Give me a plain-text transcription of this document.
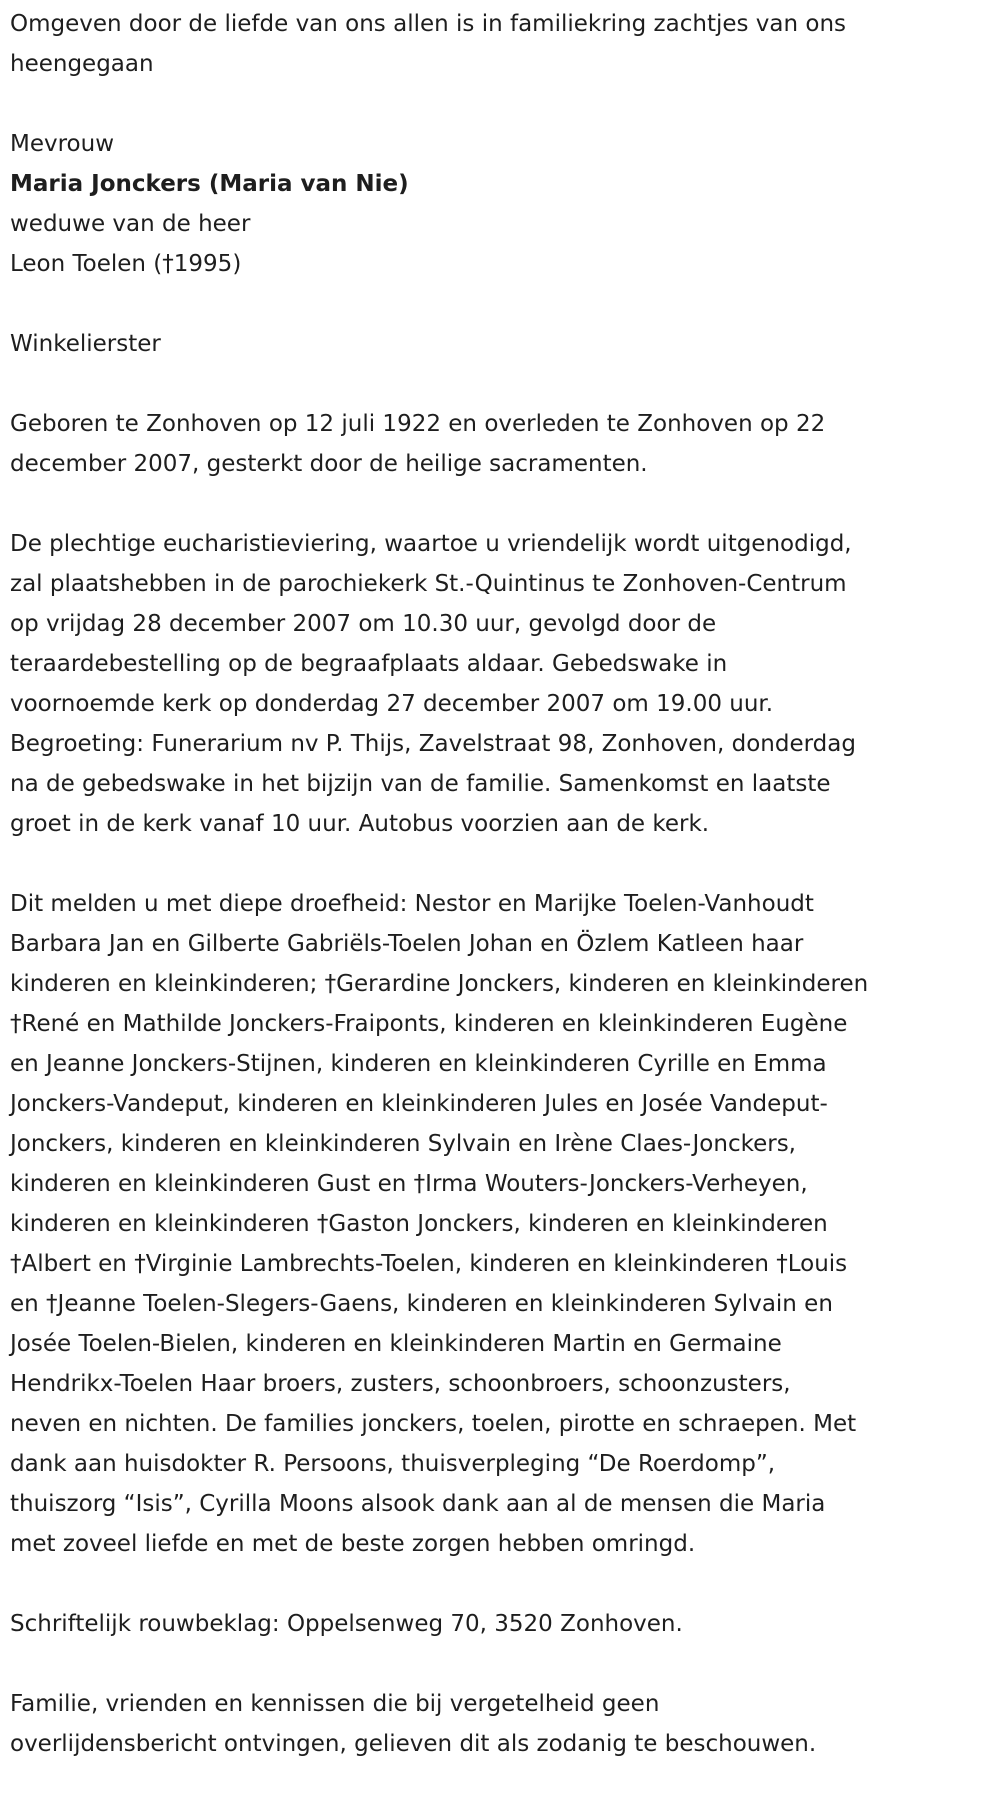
Omgeven door de liefde van ons allen is in familiekring zachtjes van ons
heengegaan
Mevrouw
Maria Jonckers (Maria van Nie)
weduwe van de heer
Leon Toelen (†1995)
Winkelierster
Geboren te Zonhoven op 12 juli 1922 en overleden te Zonhoven op 22
december 2007, gesterkt door de heilige sacramenten.
De plechtige eucharistieviering, waartoe u vriendelijk wordt uitgenodigd,
zal plaatshebben in de parochiekerk St.-Quintinus te Zonhoven-Centrum
op vrijdag 28 december 2007 om 10.30 uur, gevolgd door de
teraardebestelling op de begraafplaats aldaar. Gebedswake in
voornoemde kerk op donderdag 27 december 2007 om 19.00 uur.
Begroeting: Funerarium nv P. Thijs, Zavelstraat 98, Zonhoven, donderdag
na de gebedswake in het bijzijn van de familie. Samenkomst en laatste
groet in de kerk vanaf 10 uur. Autobus voorzien aan de kerk.
Dit melden u met diepe droefheid: Nestor en Marijke Toelen-Vanhoudt
Barbara Jan en Gilberte Gabriëls-Toelen Johan en Özlem Katleen haar
kinderen en kleinkinderen; †Gerardine Jonckers, kinderen en kleinkinderen
†René en Mathilde Jonckers-Fraiponts, kinderen en kleinkinderen Eugène
en Jeanne Jonckers-Stijnen, kinderen en kleinkinderen Cyrille en Emma
Jonckers-Vandeput, kinderen en kleinkinderen Jules en Josée Vandeput-
Jonckers, kinderen en kleinkinderen Sylvain en Irène Claes-Jonckers,
kinderen en kleinkinderen Gust en †Irma Wouters-Jonckers-Verheyen,
kinderen en kleinkinderen †Gaston Jonckers, kinderen en kleinkinderen
†Albert en †Virginie Lambrechts-Toelen, kinderen en kleinkinderen †Louis
en †Jeanne Toelen-Slegers-Gaens, kinderen en kleinkinderen Sylvain en
Josée Toelen-Bielen, kinderen en kleinkinderen Martin en Germaine
Hendrikx-Toelen Haar broers, zusters, schoonbroers, schoonzusters,
neven en nichten. De families jonckers, toelen, pirotte en schraepen. Met
dank aan huisdokter R. Persoons, thuisverpleging “De Roerdomp”,
thuiszorg “Isis”, Cyrilla Moons alsook dank aan al de mensen die Maria
met zoveel liefde en met de beste zorgen hebben omringd.
Schriftelijk rouwbeklag: Oppelsenweg 70, 3520 Zonhoven.
Familie, vrienden en kennissen die bij vergetelheid geen
overlijdensbericht ontvingen, gelieven dit als zodanig te beschouwen.
